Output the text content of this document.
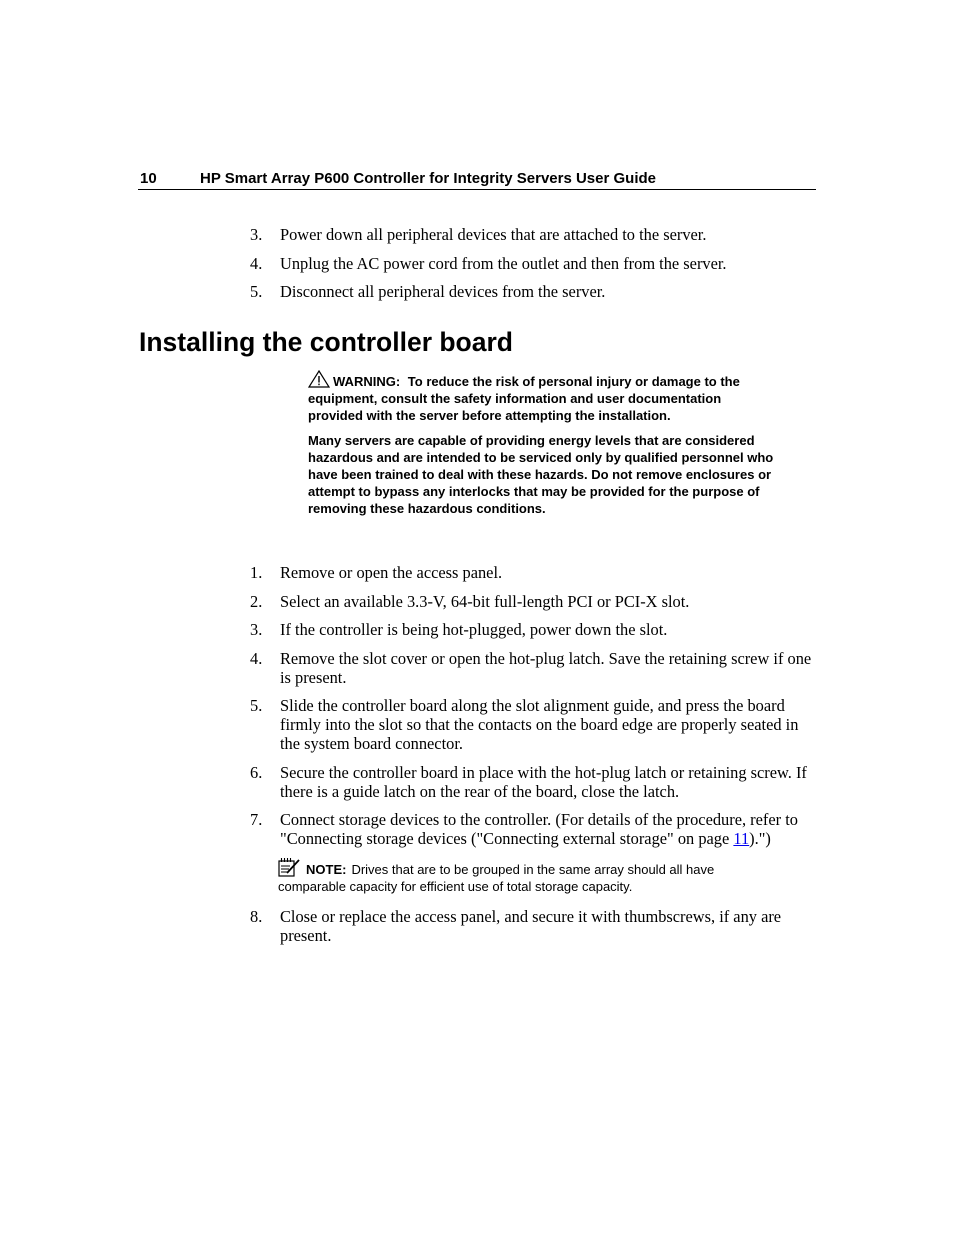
10	HP Smart Array P600 Controller for Integrity Servers User Guide
3. Power down all peripheral devices that are attached to the server.
4. Unplug the AC power cord from the outlet and then from the server.
5. Disconnect all peripheral devices from the server.
Installing the controller board

WARNING: To reduce the risk of personal injury or damage to the equipment, consult the safety information and user documentation provided with the server before attempting the installation.

Many servers are capable of providing energy levels that are considered hazardous and are intended to be serviced only by qualified personnel who have been trained to deal with these hazards. Do not remove enclosures or attempt to bypass any interlocks that may be provided for the purpose of removing these hazardous conditions.

1. Remove or open the access panel.
2. Select an available 3.3-V, 64-bit full-length PCI or PCI-X slot.
3. If the controller is being hot-plugged, power down the slot.
4. Remove the slot cover or open the hot-plug latch. Save the retaining screw if one is present.
5. Slide the controller board along the slot alignment guide, and press the board firmly into the slot so that the contacts on the board edge are properly seated in the system board connector.
6. Secure the controller board in place with the hot-plug latch or retaining screw. If there is a guide latch on the rear of the board, close the latch.
7. Connect storage devices to the controller. (For details of the procedure, refer to "Connecting storage devices ("Connecting external storage" on page 11).")
NOTE: Drives that are to be grouped in the same array should all have comparable capacity for efficient use of total storage capacity.
8. Close or replace the access panel, and secure it with thumbscrews, if any are present.
